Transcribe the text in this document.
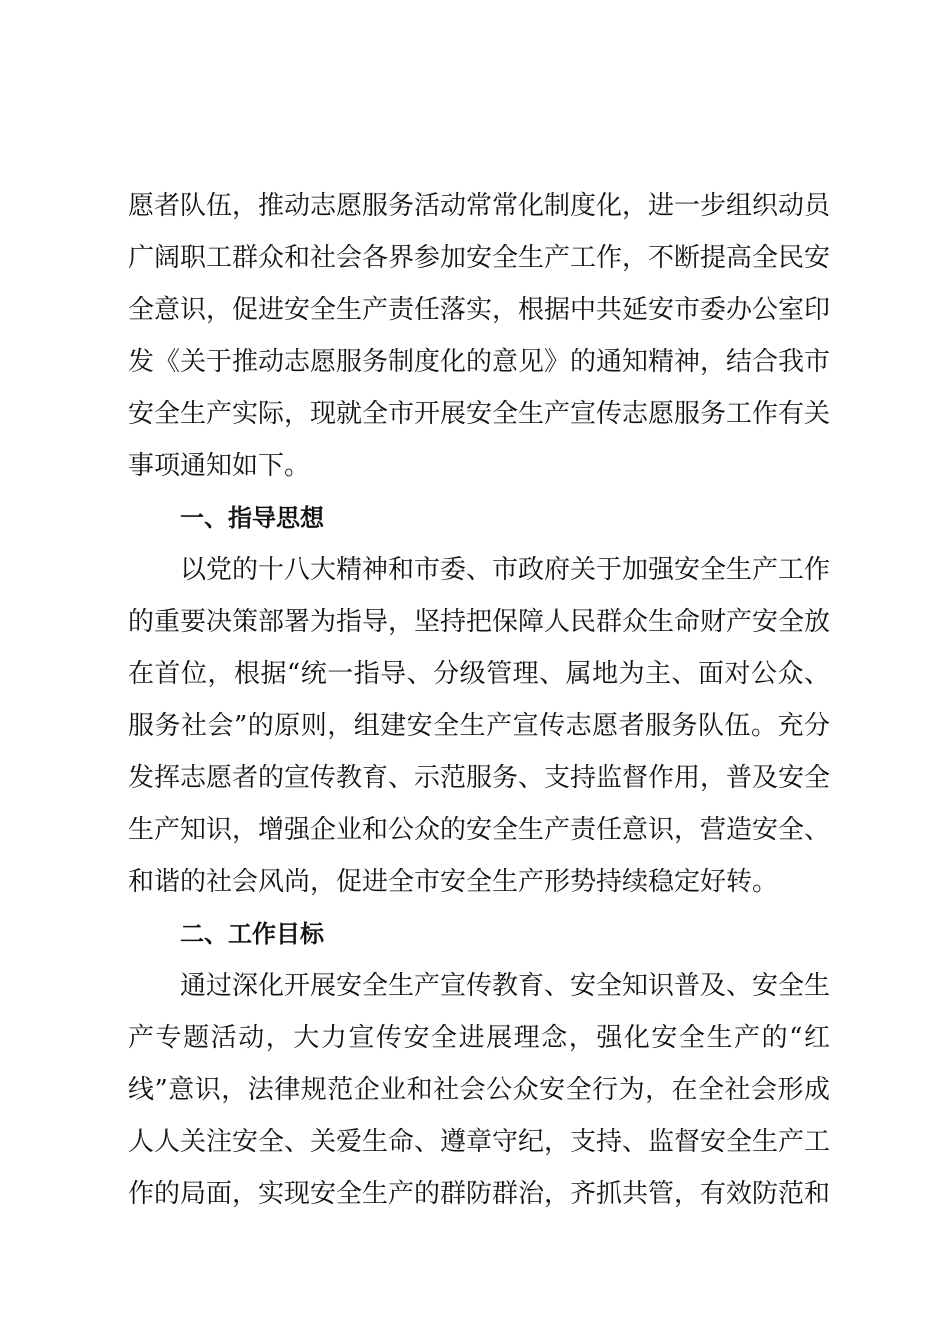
愿者队伍，推动志愿服务活动常常化制度化，进一步组织动员
广阔职工群众和社会各界参加安全生产工作，不断提高全民安
全意识，促进安全生产责任落实，根据中共延安市委办公室印
发《关于推动志愿服务制度化的意见》的通知精神，结合我市
安全生产实际，现就全市开展安全生产宣传志愿服务工作有关
事项通知如下。
一、指导思想
以党的十八大精神和市委、市政府关于加强安全生产工作
的重要决策部署为指导，坚持把保障人民群众生命财产安全放
在首位，根据“统一指导、分级管理、属地为主、面对公众、
服务社会”的原则，组建安全生产宣传志愿者服务队伍。充分
发挥志愿者的宣传教育、示范服务、支持监督作用，普及安全
生产知识，增强企业和公众的安全生产责任意识，营造安全、
和谐的社会风尚，促进全市安全生产形势持续稳定好转。
二、工作目标
通过深化开展安全生产宣传教育、安全知识普及、安全生
产专题活动，大力宣传安全进展理念，强化安全生产的“红
线”意识，法律规范企业和社会公众安全行为，在全社会形成
人人关注安全、关爱生命、遵章守纪，支持、监督安全生产工
作的局面，实现安全生产的群防群治，齐抓共管，有效防范和
